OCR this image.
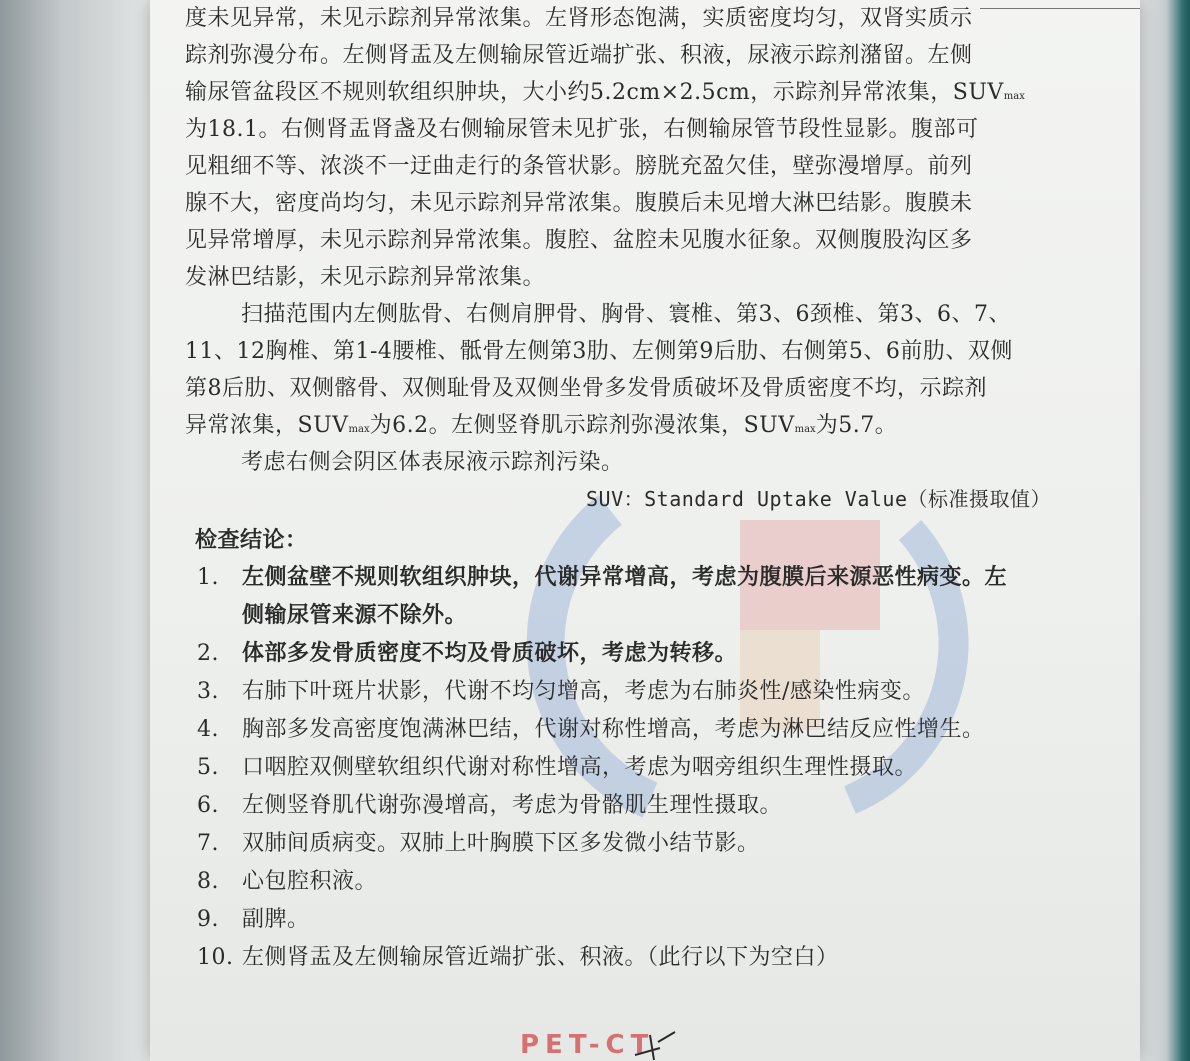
度未见异常，未见示踪剂异常浓集。左肾形态饱满，实质密度均匀，双肾实质示
踪剂弥漫分布。左侧肾盂及左侧输尿管近端扩张、积液，尿液示踪剂潴留。左侧
输尿管盆段区不规则软组织肿块，大小约5.2cm×2.5cm，示踪剂异常浓集，SUVmax
为18.1。右侧肾盂肾盏及右侧输尿管未见扩张，右侧输尿管节段性显影。腹部可
见粗细不等、浓淡不一迂曲走行的条管状影。膀胱充盈欠佳，壁弥漫增厚。前列
腺不大，密度尚均匀，未见示踪剂异常浓集。腹膜后未见增大淋巴结影。腹膜未
见异常增厚，未见示踪剂异常浓集。腹腔、盆腔未见腹水征象。双侧腹股沟区多
发淋巴结影，未见示踪剂异常浓集。
扫描范围内左侧肱骨、右侧肩胛骨、胸骨、寰椎、第3、6颈椎、第3、6、7、
11、12胸椎、第1-4腰椎、骶骨左侧第3肋、左侧第9后肋、右侧第5、6前肋、双侧
第8后肋、双侧髂骨、双侧耻骨及双侧坐骨多发骨质破坏及骨质密度不均，示踪剂
异常浓集，SUVmax为6.2。左侧竖脊肌示踪剂弥漫浓集，SUVmax为5.7。
考虑右侧会阴区体表尿液示踪剂污染。
SUV：Standard Uptake Value（标准摄取值）
检查结论：
1.	左侧盆壁不规则软组织肿块，代谢异常增高，考虑为腹膜后来源恶性病变。左
侧输尿管来源不除外。
2.	体部多发骨质密度不均及骨质破坏，考虑为转移。
3.	右肺下叶斑片状影，代谢不均匀增高，考虑为右肺炎性/感染性病变。
4.	胸部多发高密度饱满淋巴结，代谢对称性增高，考虑为淋巴结反应性增生。
5.	口咽腔双侧壁软组织代谢对称性增高，考虑为咽旁组织生理性摄取。
6.	左侧竖脊肌代谢弥漫增高，考虑为骨骼肌生理性摄取。
7.	双肺间质病变。双肺上叶胸膜下区多发微小结节影。
8.	心包腔积液。
9.	副脾。
10. 左侧肾盂及左侧输尿管近端扩张、积液。（此行以下为空白）
PET-CT
